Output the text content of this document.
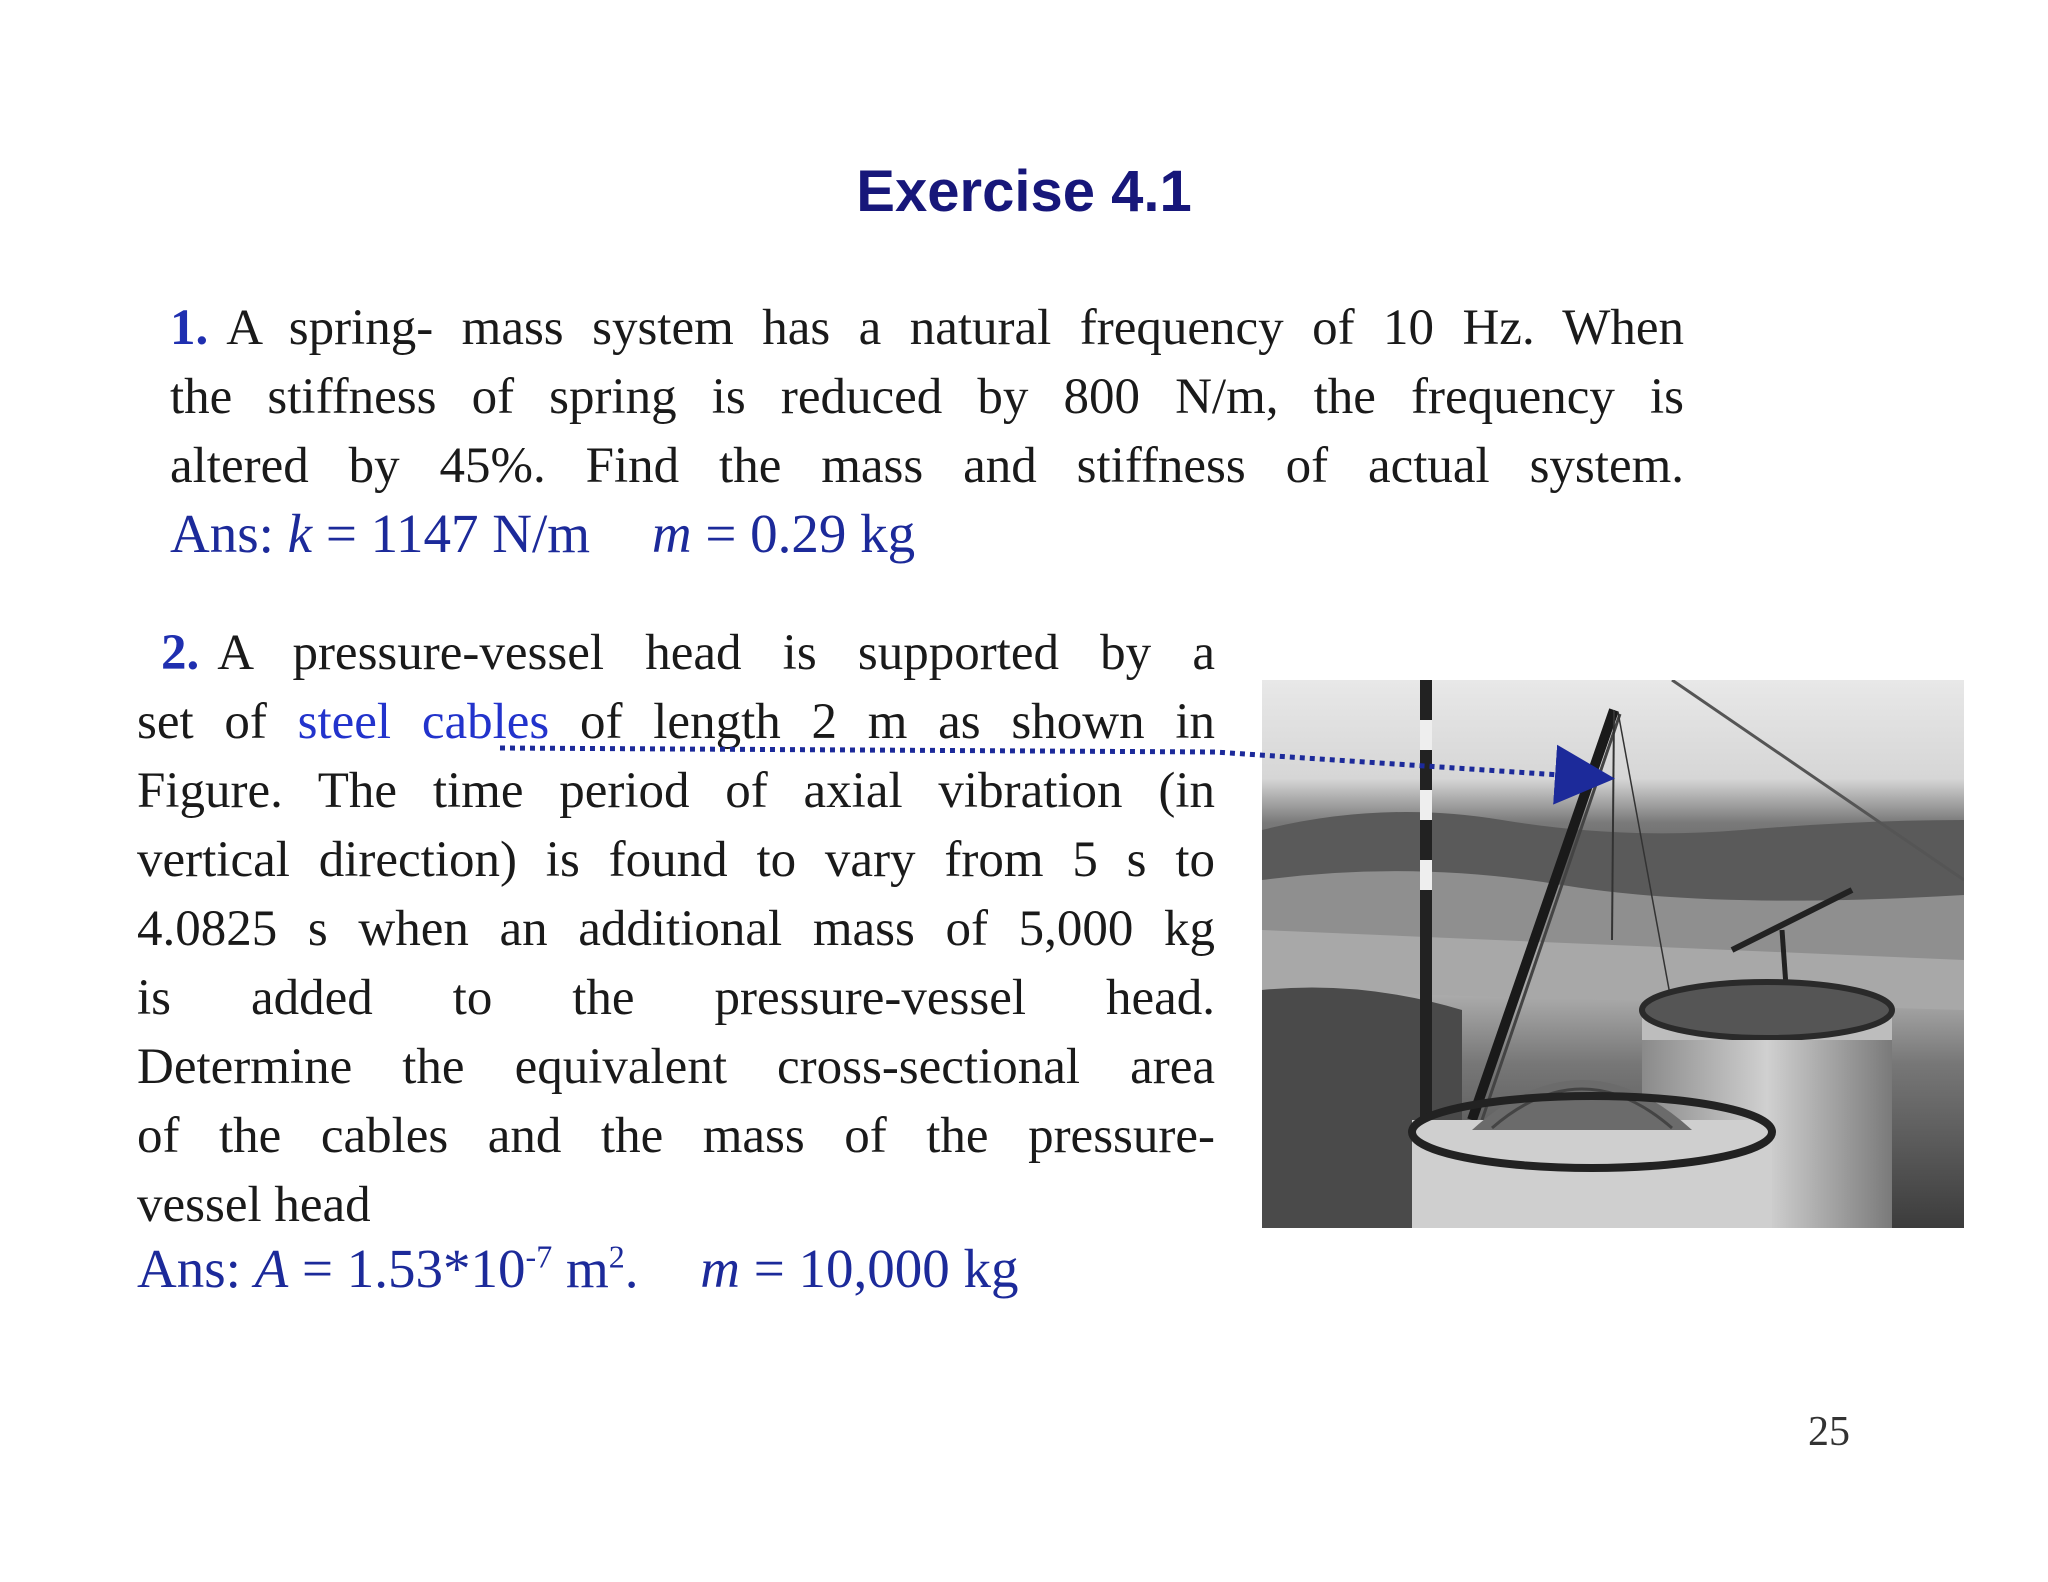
Exercise 4.1
1. A spring- mass system has a natural frequency of 10 Hz. When
the stiffness of spring is reduced by 800 N/m, the frequency is
altered by 45%. Find the mass and stiffness of actual system.
Ans: k = 1147 N/m m = 0.29 kg
2. A pressure-vessel head is supported by a
set of steel cables of length 2 m as shown in
Figure. The time period of axial vibration (in
vertical direction) is found to vary from 5 s to
4.0825 s when an additional mass of 5,000 kg
is added to the pressure-vessel head.
Determine the equivalent cross-sectional area
of the cables and the mass of the pressure-
vessel head
Ans: $A = 1.53*10^{-7}$ $m^2$. m = 10,000 kg
25
